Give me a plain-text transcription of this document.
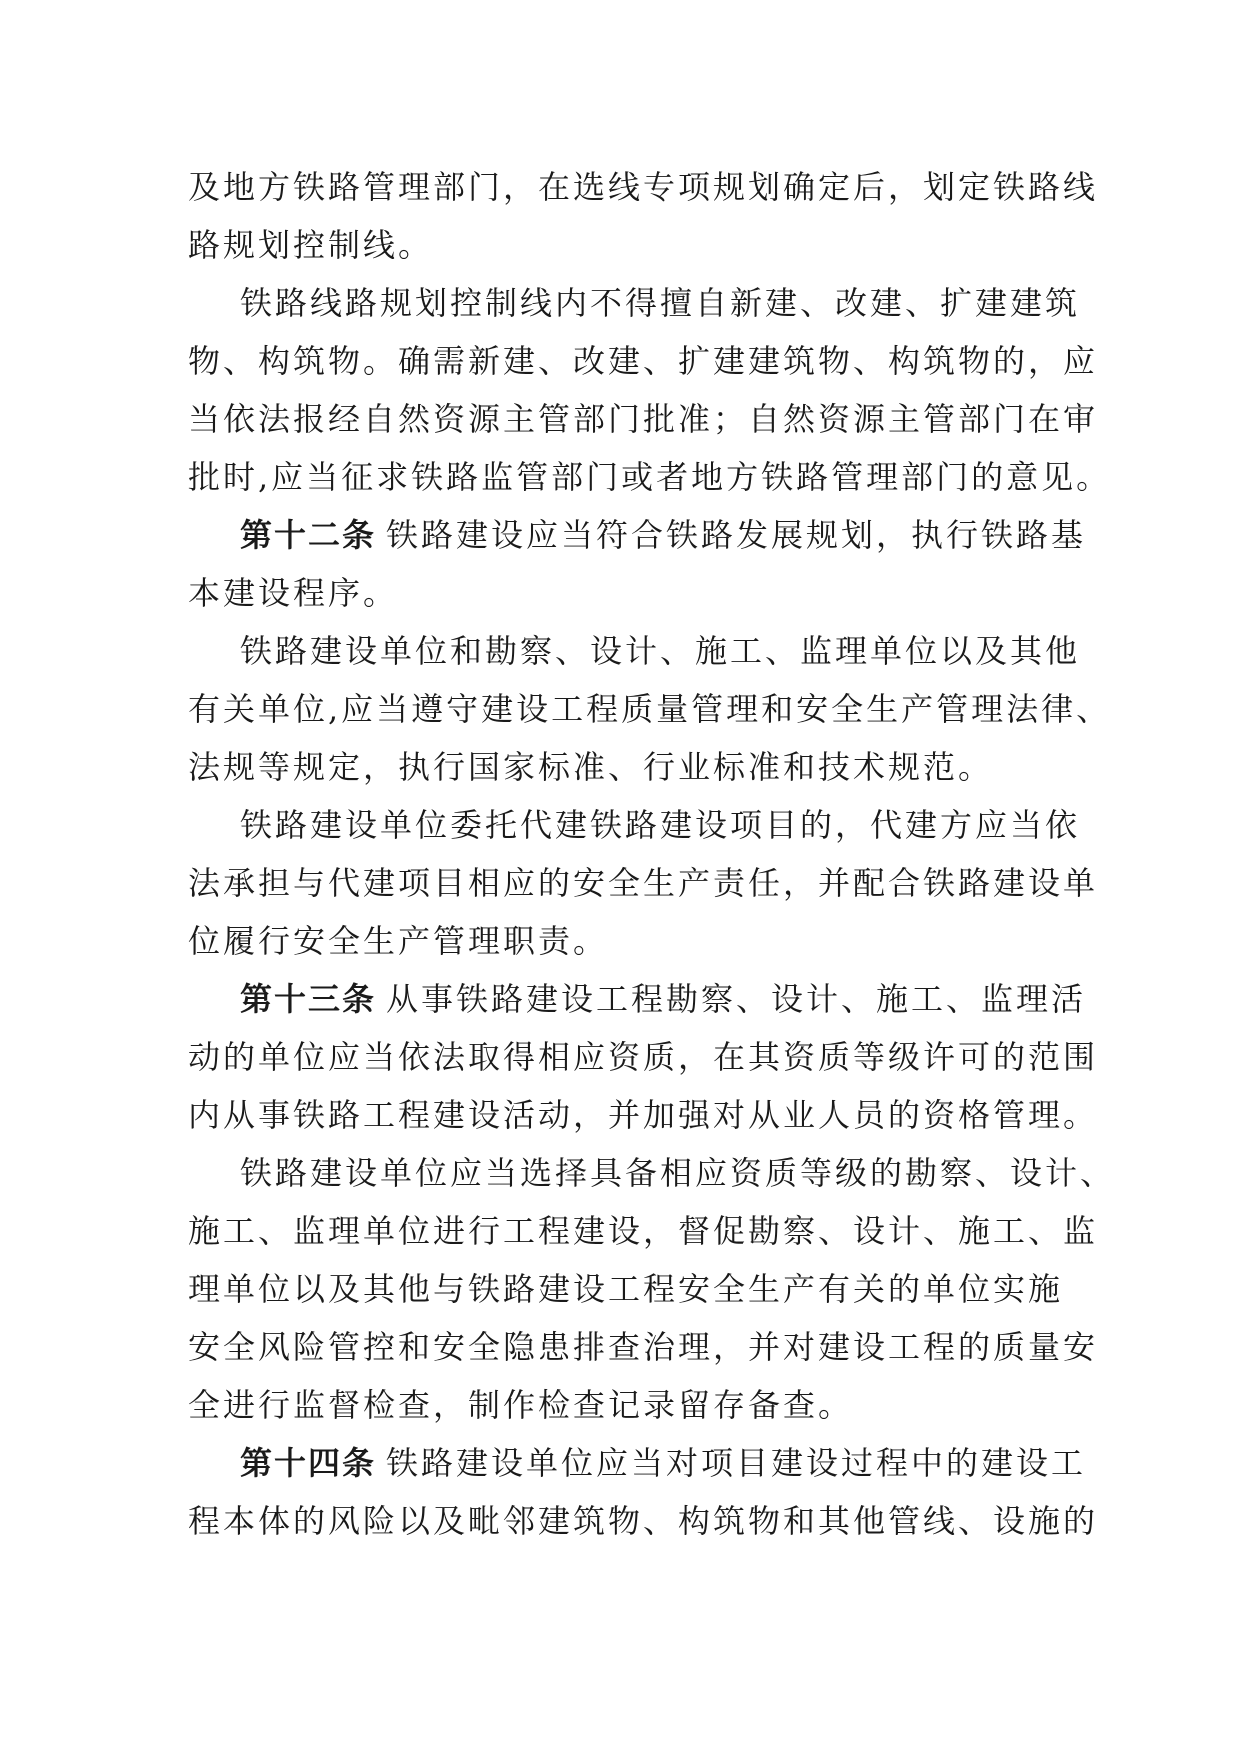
及地方铁路管理部门，在选线专项规划确定后，划定铁路线
路规划控制线。
铁路线路规划控制线内不得擅自新建、改建、扩建建筑
物、构筑物。确需新建、改建、扩建建筑物、构筑物的，应
当依法报经自然资源主管部门批准；自然资源主管部门在审
批时,应当征求铁路监管部门或者地方铁路管理部门的意见。
第十二条 铁路建设应当符合铁路发展规划，执行铁路基
本建设程序。
铁路建设单位和勘察、设计、施工、监理单位以及其他
有关单位,应当遵守建设工程质量管理和安全生产管理法律、
法规等规定，执行国家标准、行业标准和技术规范。
铁路建设单位委托代建铁路建设项目的，代建方应当依
法承担与代建项目相应的安全生产责任，并配合铁路建设单
位履行安全生产管理职责。
第十三条 从事铁路建设工程勘察、设计、施工、监理活
动的单位应当依法取得相应资质，在其资质等级许可的范围
内从事铁路工程建设活动，并加强对从业人员的资格管理。
铁路建设单位应当选择具备相应资质等级的勘察、设计、
施工、监理单位进行工程建设，督促勘察、设计、施工、监
理单位以及其他与铁路建设工程安全生产有关的单位实施
安全风险管控和安全隐患排查治理，并对建设工程的质量安
全进行监督检查，制作检查记录留存备查。
第十四条 铁路建设单位应当对项目建设过程中的建设工
程本体的风险以及毗邻建筑物、构筑物和其他管线、设施的
